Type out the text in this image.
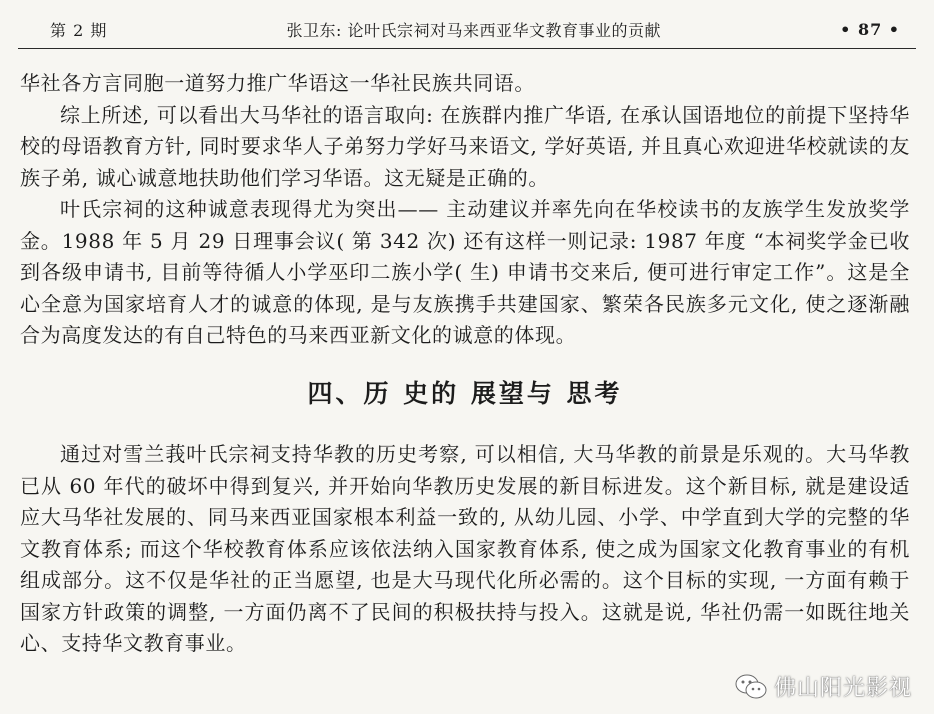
第 2 期	张卫东: 论叶氏宗祠对马来西亚华文教育事业的贡献	• 87 •

华社各方言同胞一道努力推广华语这一华社民族共同语。

综上所述, 可以看出大马华社的语言取向: 在族群内推广华语, 在承认国语地位的前提下坚持华校的母语教育方针, 同时要求华人子弟努力学好马来语文, 学好英语, 并且真心欢迎进华校就读的友族子弟, 诚心诚意地扶助他们学习华语。这无疑是正确的。

叶氏宗祠的这种诚意表现得尤为突出—— 主动建议并率先向在华校读书的友族学生发放奖学金。1988 年 5 月 29 日理事会议( 第 342 次) 还有这样一则记录: 1987 年度 “本祠奖学金已收到各级申请书, 目前等待循人小学巫印二族小学( 生) 申请书交来后, 便可进行审定工作”。这是全心全意为国家培育人才的诚意的体现, 是与友族携手共建国家、繁荣各民族多元文化, 使之逐渐融合为高度发达的有自己特色的马来西亚新文化的诚意的体现。

四、历 史的 展望与 思考

通过对雪兰莪叶氏宗祠支持华教的历史考察, 可以相信, 大马华教的前景是乐观的。大马华教已从 60 年代的破坏中得到复兴, 并开始向华教历史发展的新目标进发。这个新目标, 就是建设适应大马华社发展的、同马来西亚国家根本利益一致的, 从幼儿园、小学、中学直到大学的完整的华文教育体系; 而这个华校教育体系应该依法纳入国家教育体系, 使之成为国家文化教育事业的有机组成部分。这不仅是华社的正当愿望, 也是大马现代化所必需的。这个目标的实现, 一方面有赖于国家方针政策的调整, 一方面仍离不了民间的积极扶持与投入。这就是说, 华社仍需一如既往地关心、支持华文教育事业。

佛山阳光影视
